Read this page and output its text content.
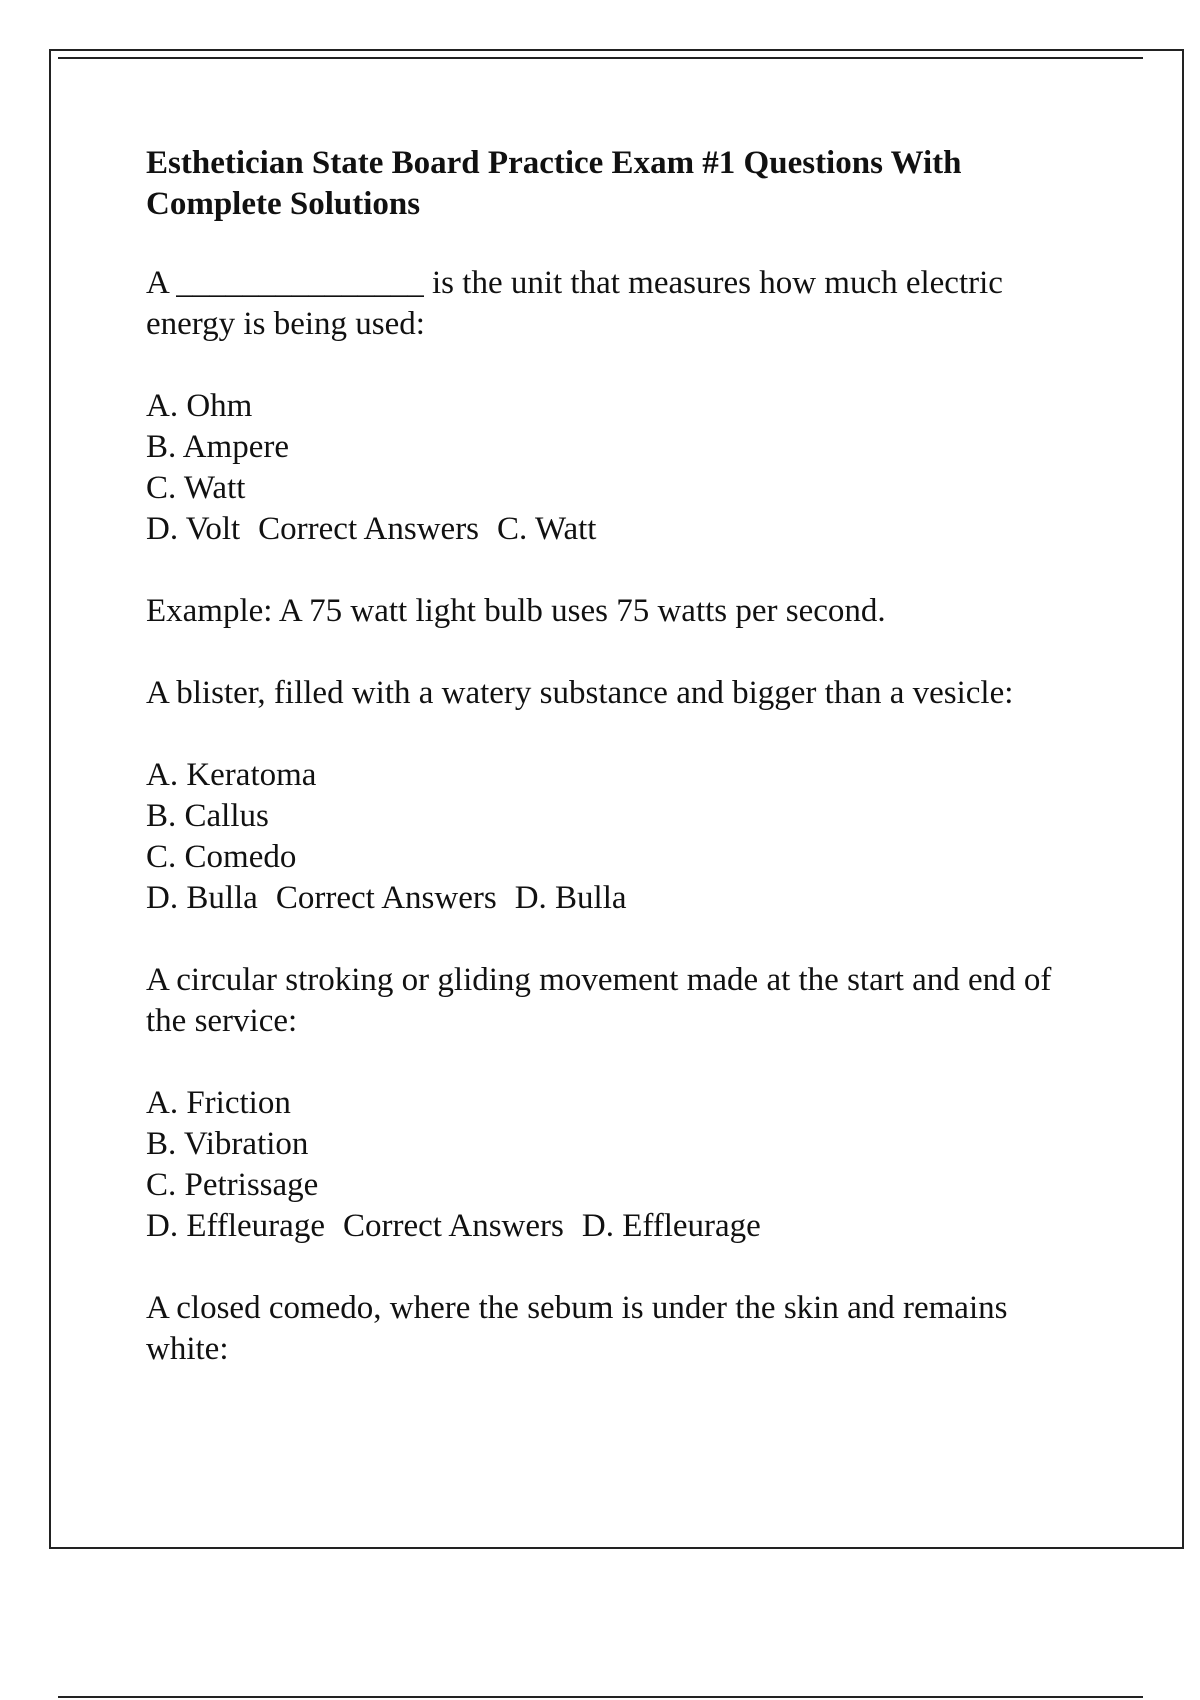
Esthetician State Board Practice Exam #1 Questions With Complete Solutions
A _______________ is the unit that measures how much electric energy is being used:
A. Ohm
B. Ampere
C. Watt
D. Volt Correct Answers C. Watt
Example: A 75 watt light bulb uses 75 watts per second.
A blister, filled with a watery substance and bigger than a vesicle:
A. Keratoma
B. Callus
C. Comedo
D. Bulla Correct Answers D. Bulla
A circular stroking or gliding movement made at the start and end of the service:
A. Friction
B. Vibration
C. Petrissage
D. Effleurage Correct Answers D. Effleurage
A closed comedo, where the sebum is under the skin and remains white:
